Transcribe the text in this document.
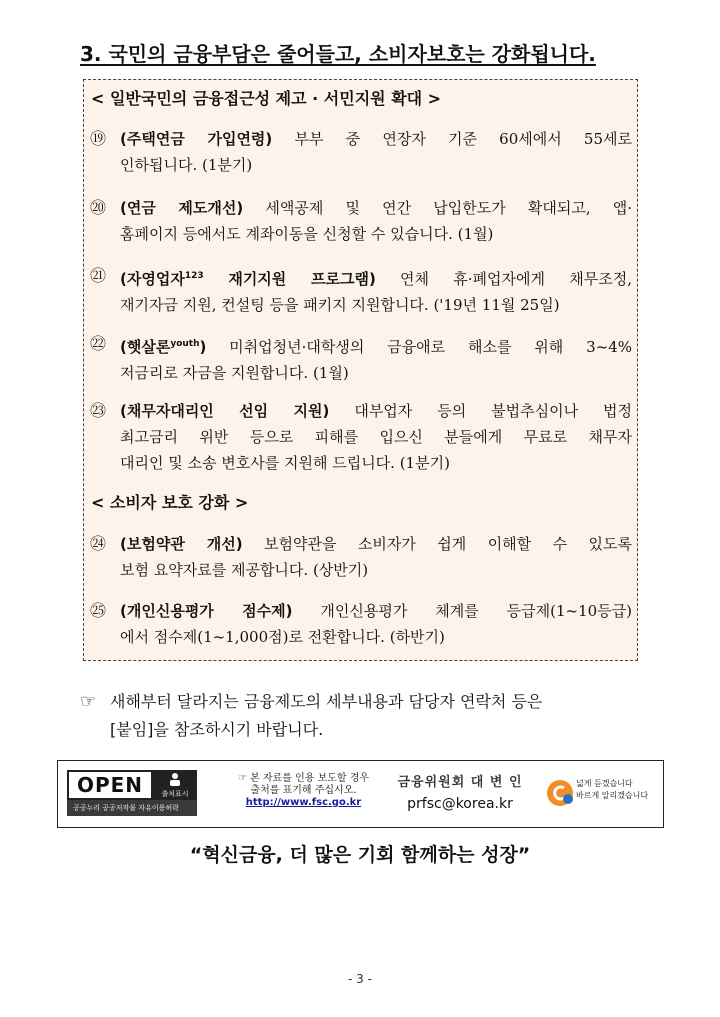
3. 국민의 금융부담은 줄어들고, 소비자보호는 강화됩니다.
< 일반국민의 금융접근성 제고 · 서민지원 확대 >
⑲ (주택연금 가입연령) 부부 중 연장자 기준 60세에서 55세로
인하됩니다. (1분기)
⑳ (연금 제도개선) 세액공제 및 연간 납입한도가 확대되고, 앱·
홈페이지 등에서도 계좌이동을 신청할 수 있습니다. (1월)
㉑ (자영업자$^{123}$ 재기지원 프로그램) 연체 휴·폐업자에게 채무조정,
재기자금 지원, 컨설팅 등을 패키지 지원합니다. ('19년 11월 25일)
㉒ (햇살론$^{youth}$) 미취업청년·대학생의 금융애로 해소를 위해 3~4%
저금리로 자금을 지원합니다. (1월)
㉓ (채무자대리인 선임 지원) 대부업자 등의 불법추심이나 법정
최고금리 위반 등으로 피해를 입으신 분들에게 무료로 채무자
대리인 및 소송 변호사를 지원해 드립니다. (1분기)
< 소비자 보호 강화 >
㉔ (보험약관 개선) 보험약관을 소비자가 쉽게 이해할 수 있도록
보험 요약자료를 제공합니다. (상반기)
㉕ (개인신용평가 점수제) 개인신용평가 체계를 등급제(1~10등급)
에서 점수제(1~1,000점)로 전환합니다. (하반기)
☞ 새해부터 달라지는 금융제도의 세부내용과 담당자 연락처 등은
[붙임]을 참조하시기 바랍니다.
OPEN	출처표시
공공누리 공공저작물 자유이용허락
☞ 본 자료를 인용 보도할 경우
출처를 표기해 주십시오.
http://www.fsc.go.kr
금융위원회 대 변 인
prfsc@korea.kr
넓게 듣겠습니다
바르게 알리겠습니다
“혁신금융, 더 많은 기회 함께하는 성장”
- 3 -
